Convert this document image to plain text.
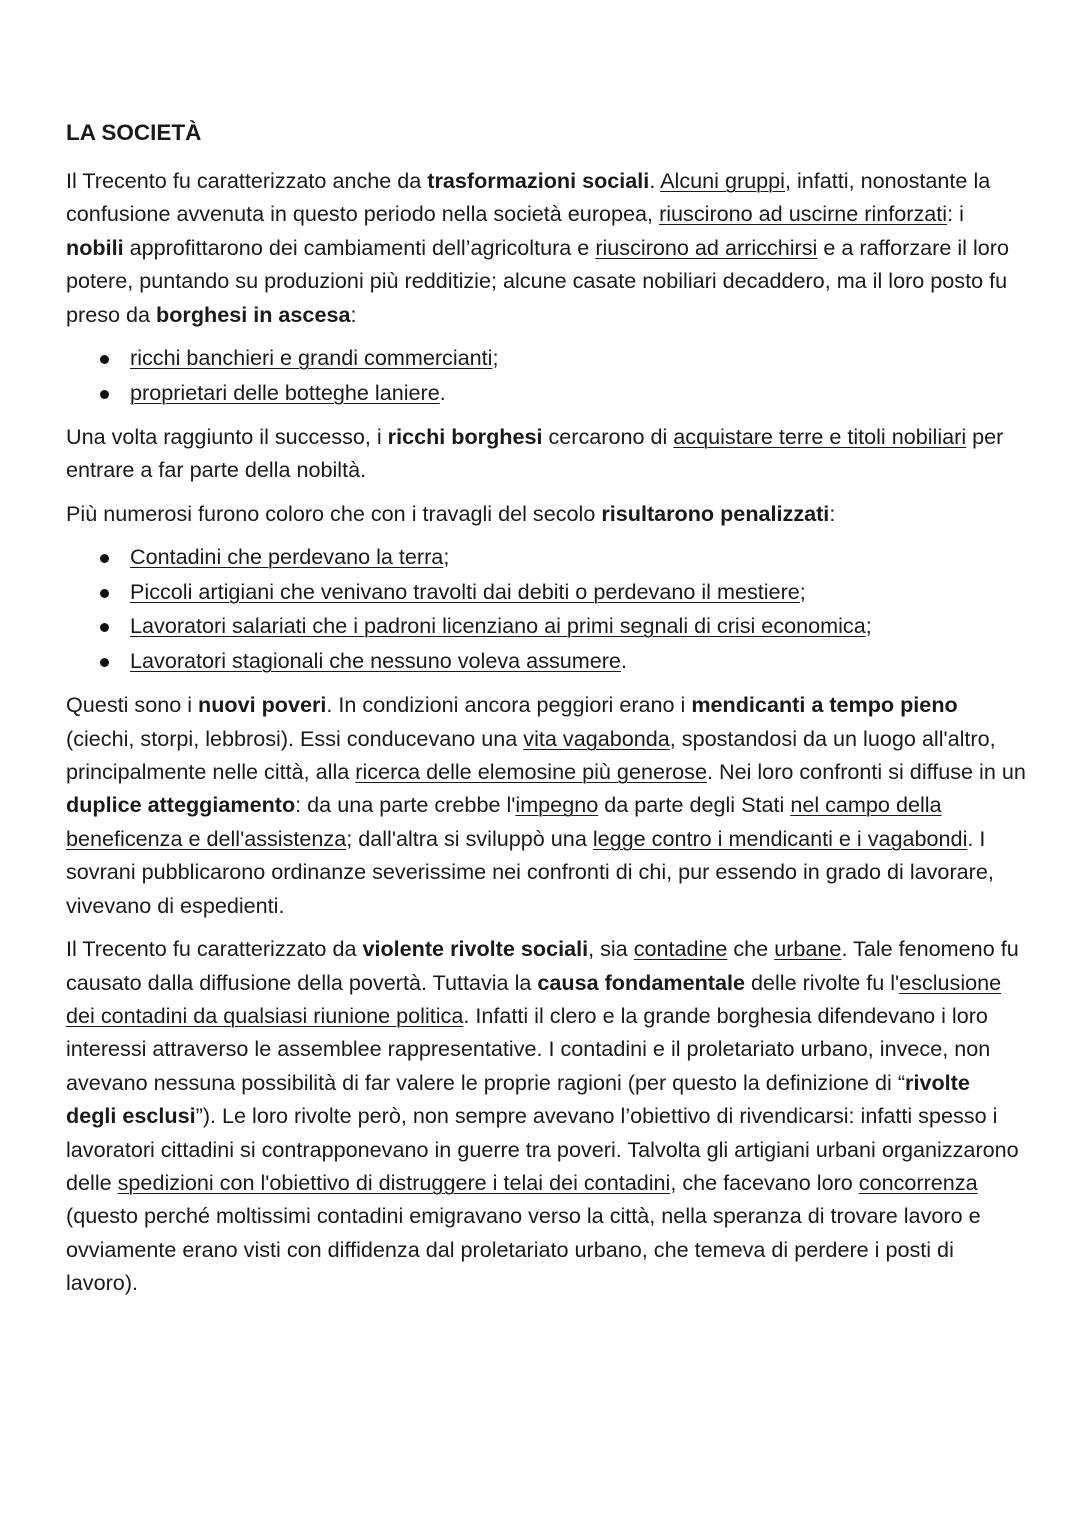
LA SOCIETÀ

Il Trecento fu caratterizzato anche da trasformazioni sociali. Alcuni gruppi, infatti, nonostante la confusione avvenuta in questo periodo nella società europea, riuscirono ad uscirne rinforzati: i nobili approfittarono dei cambiamenti dell’agricoltura e riuscirono ad arricchirsi e a rafforzare il loro potere, puntando su produzioni più redditizie; alcune casate nobiliari decaddero, ma il loro posto fu preso da borghesi in ascesa:

ricchi banchieri e grandi commercianti;
proprietari delle botteghe laniere.

Una volta raggiunto il successo, i ricchi borghesi cercarono di acquistare terre e titoli nobiliari per entrare a far parte della nobiltà.

Più numerosi furono coloro che con i travagli del secolo risultarono penalizzati:

Contadini che perdevano la terra;
Piccoli artigiani che venivano travolti dai debiti o perdevano il mestiere;
Lavoratori salariati che i padroni licenziano ai primi segnali di crisi economica;
Lavoratori stagionali che nessuno voleva assumere.

Questi sono i nuovi poveri. In condizioni ancora peggiori erano i mendicanti a tempo pieno (ciechi, storpi, lebbrosi). Essi conducevano una vita vagabonda, spostandosi da un luogo all'altro, principalmente nelle città, alla ricerca delle elemosine più generose. Nei loro confronti si diffuse in un duplice atteggiamento: da una parte crebbe l'impegno da parte degli Stati nel campo della beneficenza e dell'assistenza; dall'altra si sviluppò una legge contro i mendicanti e i vagabondi. I sovrani pubblicarono ordinanze severissime nei confronti di chi, pur essendo in grado di lavorare, vivevano di espedienti.

Il Trecento fu caratterizzato da violente rivolte sociali, sia contadine che urbane. Tale fenomeno fu causato dalla diffusione della povertà. Tuttavia la causa fondamentale delle rivolte fu l'esclusione dei contadini da qualsiasi riunione politica. Infatti il clero e la grande borghesia difendevano i loro interessi attraverso le assemblee rappresentative. I contadini e il proletariato urbano, invece, non avevano nessuna possibilità di far valere le proprie ragioni (per questo la definizione di “rivolte degli esclusi”). Le loro rivolte però, non sempre avevano l’obiettivo di rivendicarsi: infatti spesso i lavoratori cittadini si contrapponevano in guerre tra poveri. Talvolta gli artigiani urbani organizzarono delle spedizioni con l'obiettivo di distruggere i telai dei contadini, che facevano loro concorrenza (questo perché moltissimi contadini emigravano verso la città, nella speranza di trovare lavoro e ovviamente erano visti con diffidenza dal proletariato urbano, che temeva di perdere i posti di lavoro).
